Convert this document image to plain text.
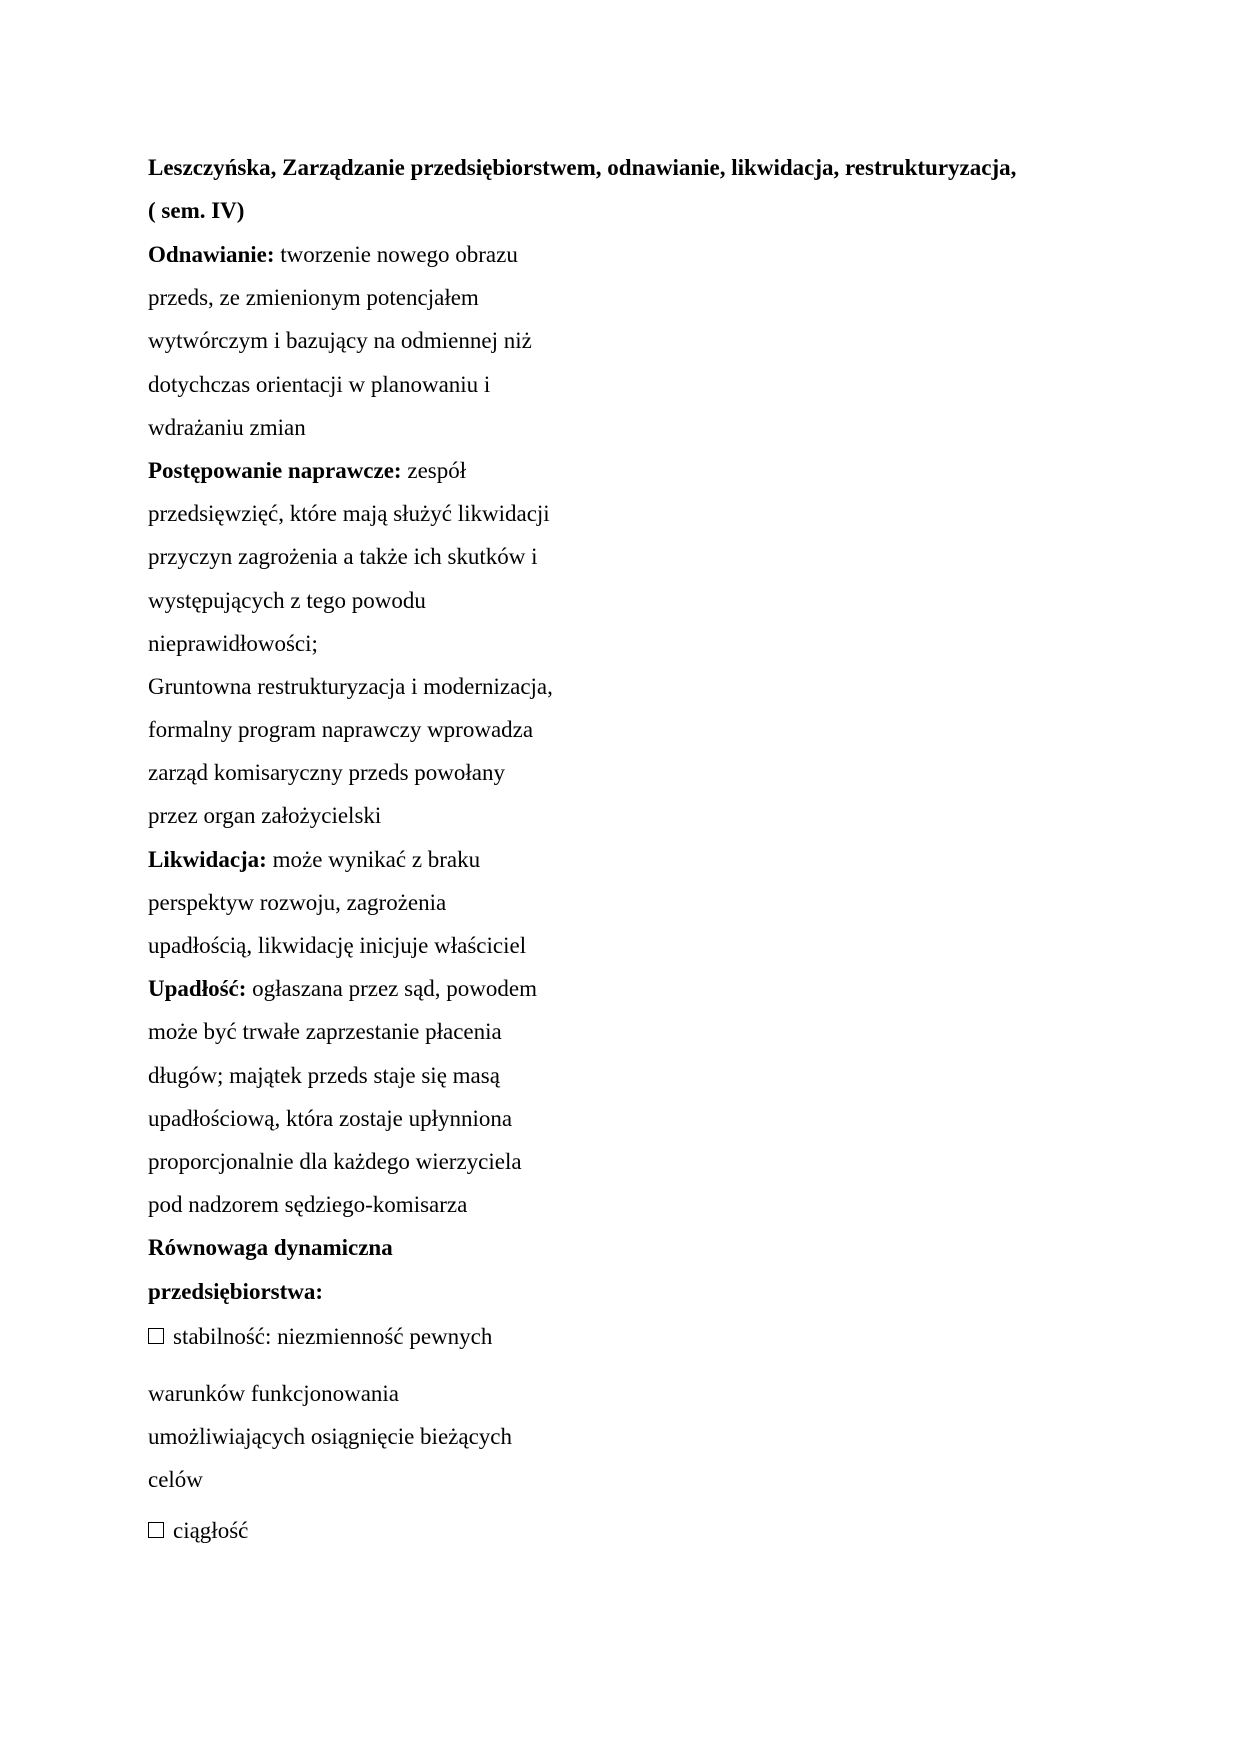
Leszczyńska, Zarządzanie przedsiębiorstwem, odnawianie, likwidacja, restrukturyzacja,
( sem. IV)
Odnawianie: tworzenie nowego obrazu
przeds, ze zmienionym potencjałem
wytwórczym i bazujący na odmiennej niż
dotychczas orientacji w planowaniu i
wdrażaniu zmian
Postępowanie naprawcze: zespół
przedsięwzięć, które mają służyć likwidacji
przyczyn zagrożenia a także ich skutków i
występujących z tego powodu
nieprawidłowości;
Gruntowna restrukturyzacja i modernizacja,
formalny program naprawczy wprowadza
zarząd komisaryczny przeds powołany
przez organ założycielski
Likwidacja: może wynikać z braku
perspektyw rozwoju, zagrożenia
upadłością, likwidację inicjuje właściciel
Upadłość: ogłaszana przez sąd, powodem
może być trwałe zaprzestanie płacenia
długów; majątek przeds staje się masą
upadłościową, która zostaje upłynniona
proporcjonalnie dla każdego wierzyciela
pod nadzorem sędziego-komisarza
Równowaga dynamiczna
przedsiębiorstwa:
stabilność: niezmienność pewnych
warunków funkcjonowania
umożliwiających osiągnięcie bieżących
celów
ciągłość
